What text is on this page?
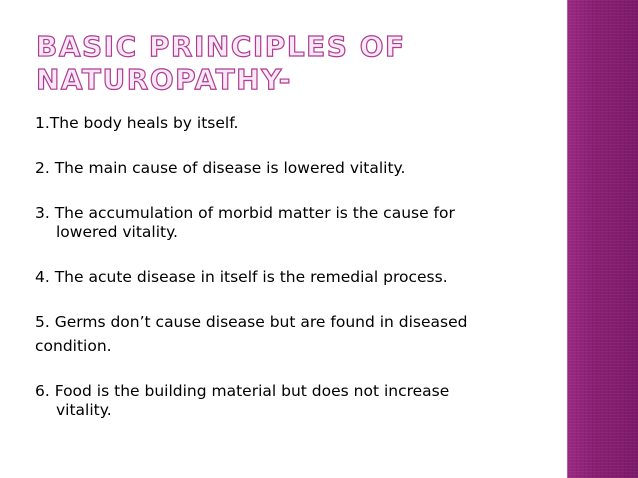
BASIC PRINCIPLES OF
NATUROPATHY-

1.The body heals by itself.

2. The main cause of disease is lowered vitality.

3. The accumulation of morbid matter is the cause for
lowered vitality.

4. The acute disease in itself is the remedial process.

5. Germs don’t cause disease but are found in diseased

condition.

6. Food is the building material but does not increase
vitality.
